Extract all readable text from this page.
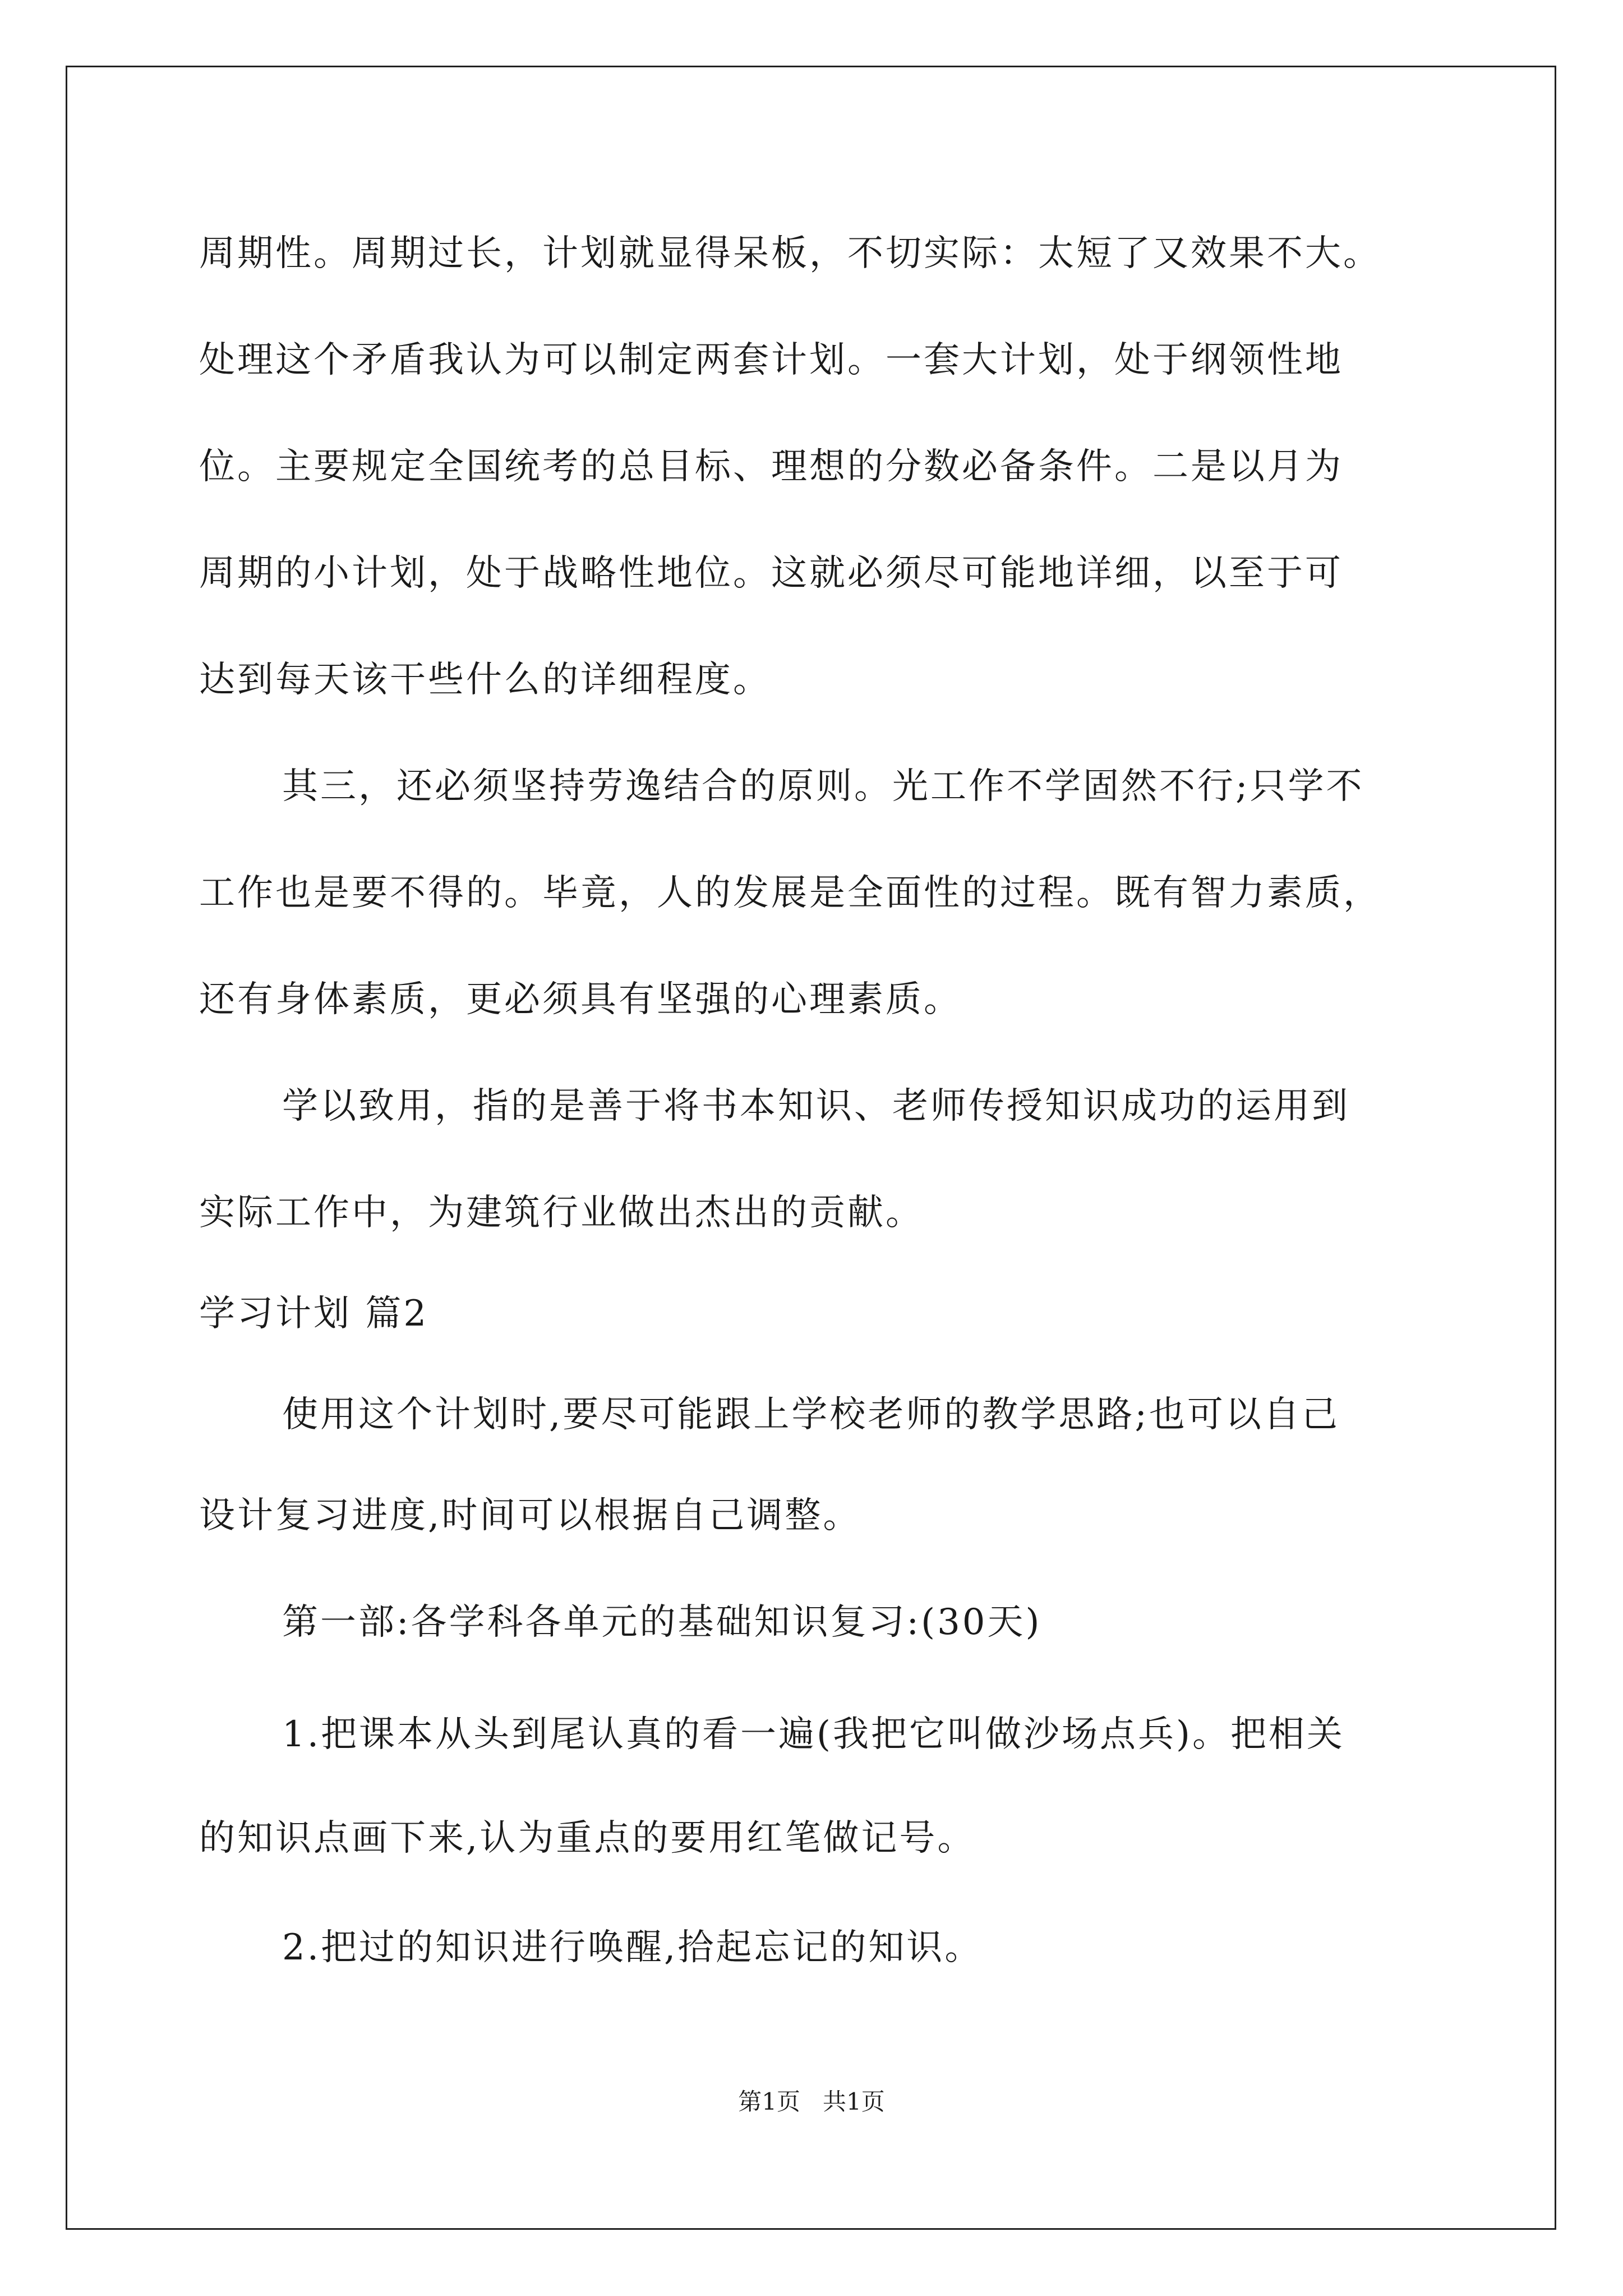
周期性。周期过长，计划就显得呆板，不切实际：太短了又效果不大。
处理这个矛盾我认为可以制定两套计划。一套大计划，处于纲领性地
位。主要规定全国统考的总目标、理想的分数必备条件。二是以月为
周期的小计划，处于战略性地位。这就必须尽可能地详细，以至于可
达到每天该干些什么的详细程度。
其三，还必须坚持劳逸结合的原则。光工作不学固然不行;只学不
工作也是要不得的。毕竟，人的发展是全面性的过程。既有智力素质，
还有身体素质，更必须具有坚强的心理素质。
学以致用，指的是善于将书本知识、老师传授知识成功的运用到
实际工作中，为建筑行业做出杰出的贡献。
学习计划 篇2
使用这个计划时,要尽可能跟上学校老师的教学思路;也可以自己
设计复习进度,时间可以根据自己调整。
第一部:各学科各单元的基础知识复习:(30天)
1.把课本从头到尾认真的看一遍(我把它叫做沙场点兵)。把相关
的知识点画下来,认为重点的要用红笔做记号。
2.把过的知识进行唤醒,拾起忘记的知识。
第1页   共1页
